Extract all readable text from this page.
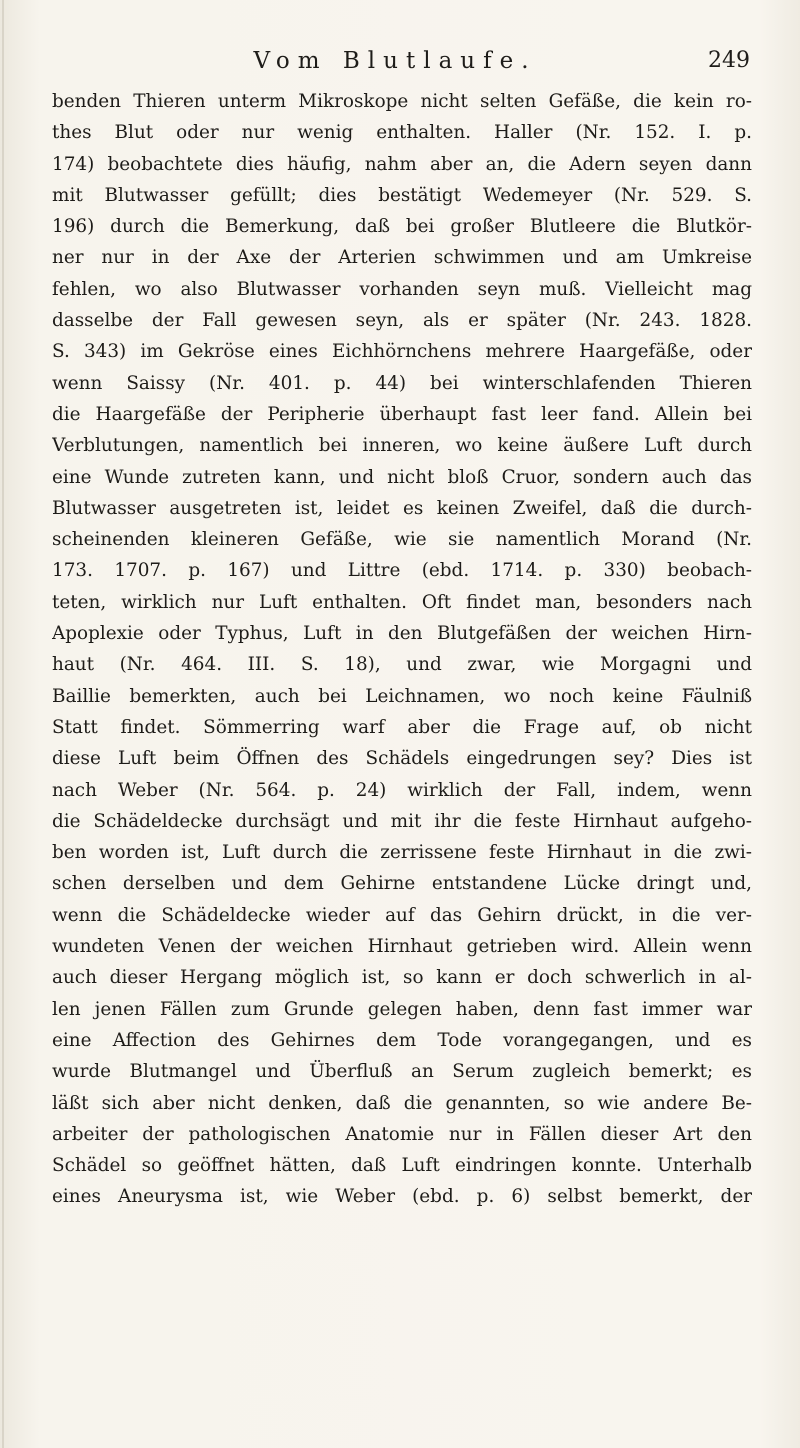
Vom Blutlaufe.	249
benden Thieren unterm Mikroskope nicht selten Gefäße, die kein ro-
thes Blut oder nur wenig enthalten. Haller (Nr. 152. I. p.
174) beobachtete dies häufig, nahm aber an, die Adern seyen dann
mit Blutwasser gefüllt; dies bestätigt Wedemeyer (Nr. 529. S.
196) durch die Bemerkung, daß bei großer Blutleere die Blutkör-
ner nur in der Axe der Arterien schwimmen und am Umkreise
fehlen, wo also Blutwasser vorhanden seyn muß. Vielleicht mag
dasselbe der Fall gewesen seyn, als er später (Nr. 243. 1828.
S. 343) im Gekröse eines Eichhörnchens mehrere Haargefäße, oder
wenn Saissy (Nr. 401. p. 44) bei winterschlafenden Thieren
die Haargefäße der Peripherie überhaupt fast leer fand. Allein bei
Verblutungen, namentlich bei inneren, wo keine äußere Luft durch
eine Wunde zutreten kann, und nicht bloß Cruor, sondern auch das
Blutwasser ausgetreten ist, leidet es keinen Zweifel, daß die durch-
scheinenden kleineren Gefäße, wie sie namentlich Morand (Nr.
173. 1707. p. 167) und Littre (ebd. 1714. p. 330) beobach-
teten, wirklich nur Luft enthalten. Oft findet man, besonders nach
Apoplexie oder Typhus, Luft in den Blutgefäßen der weichen Hirn-
haut (Nr. 464. III. S. 18), und zwar, wie Morgagni und
Baillie bemerkten, auch bei Leichnamen, wo noch keine Fäulniß
Statt findet. Sömmerring warf aber die Frage auf, ob nicht
diese Luft beim Öffnen des Schädels eingedrungen sey? Dies ist
nach Weber (Nr. 564. p. 24) wirklich der Fall, indem, wenn
die Schädeldecke durchsägt und mit ihr die feste Hirnhaut aufgeho-
ben worden ist, Luft durch die zerrissene feste Hirnhaut in die zwi-
schen derselben und dem Gehirne entstandene Lücke dringt und,
wenn die Schädeldecke wieder auf das Gehirn drückt, in die ver-
wundeten Venen der weichen Hirnhaut getrieben wird. Allein wenn
auch dieser Hergang möglich ist, so kann er doch schwerlich in al-
len jenen Fällen zum Grunde gelegen haben, denn fast immer war
eine Affection des Gehirnes dem Tode vorangegangen, und es
wurde Blutmangel und Überfluß an Serum zugleich bemerkt; es
läßt sich aber nicht denken, daß die genannten, so wie andere Be-
arbeiter der pathologischen Anatomie nur in Fällen dieser Art den
Schädel so geöffnet hätten, daß Luft eindringen konnte. Unterhalb
eines Aneurysma ist, wie Weber (ebd. p. 6) selbst bemerkt, der
